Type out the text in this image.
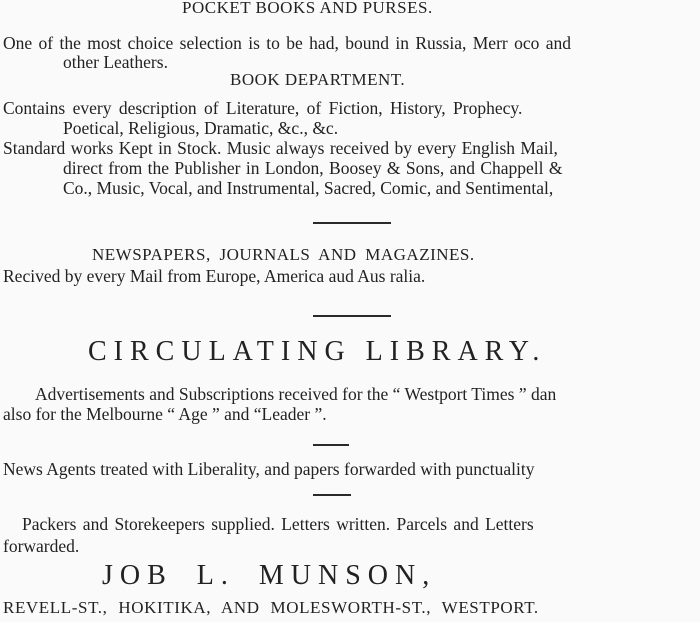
POCKET BOOKS AND PURSES.
One of the most choice selection is to be had, bound in Russia, Merr oco and
other Leathers.
BOOK DEPARTMENT.
Contains every description of Literature, of Fiction, History, Prophecy.
Poetical, Religious, Dramatic, &c., &c.
Standard works Kept in Stock. Music always received by every English Mail,
direct from the Publisher in London, Boosey & Sons, and Chappell &
Co., Music, Vocal, and Instrumental, Sacred, Comic, and Sentimental,
NEWSPAPERS, JOURNALS AND MAGAZINES.
Recived by every Mail from Europe, America aud Aus ralia.
CIRCULATING LIBRARY.
Advertisements and Subscriptions received for the “ Westport Times ” dan
also for the Melbourne “ Age ” and “Leader ”.
News Agents treated with Liberality, and papers forwarded with punctuality
Packers and Storekeepers supplied. Letters written. Parcels and Letters
forwarded.
JOB L. MUNSON,
REVELL-ST., HOKITIKA, AND MOLESWORTH-ST., WESTPORT.
